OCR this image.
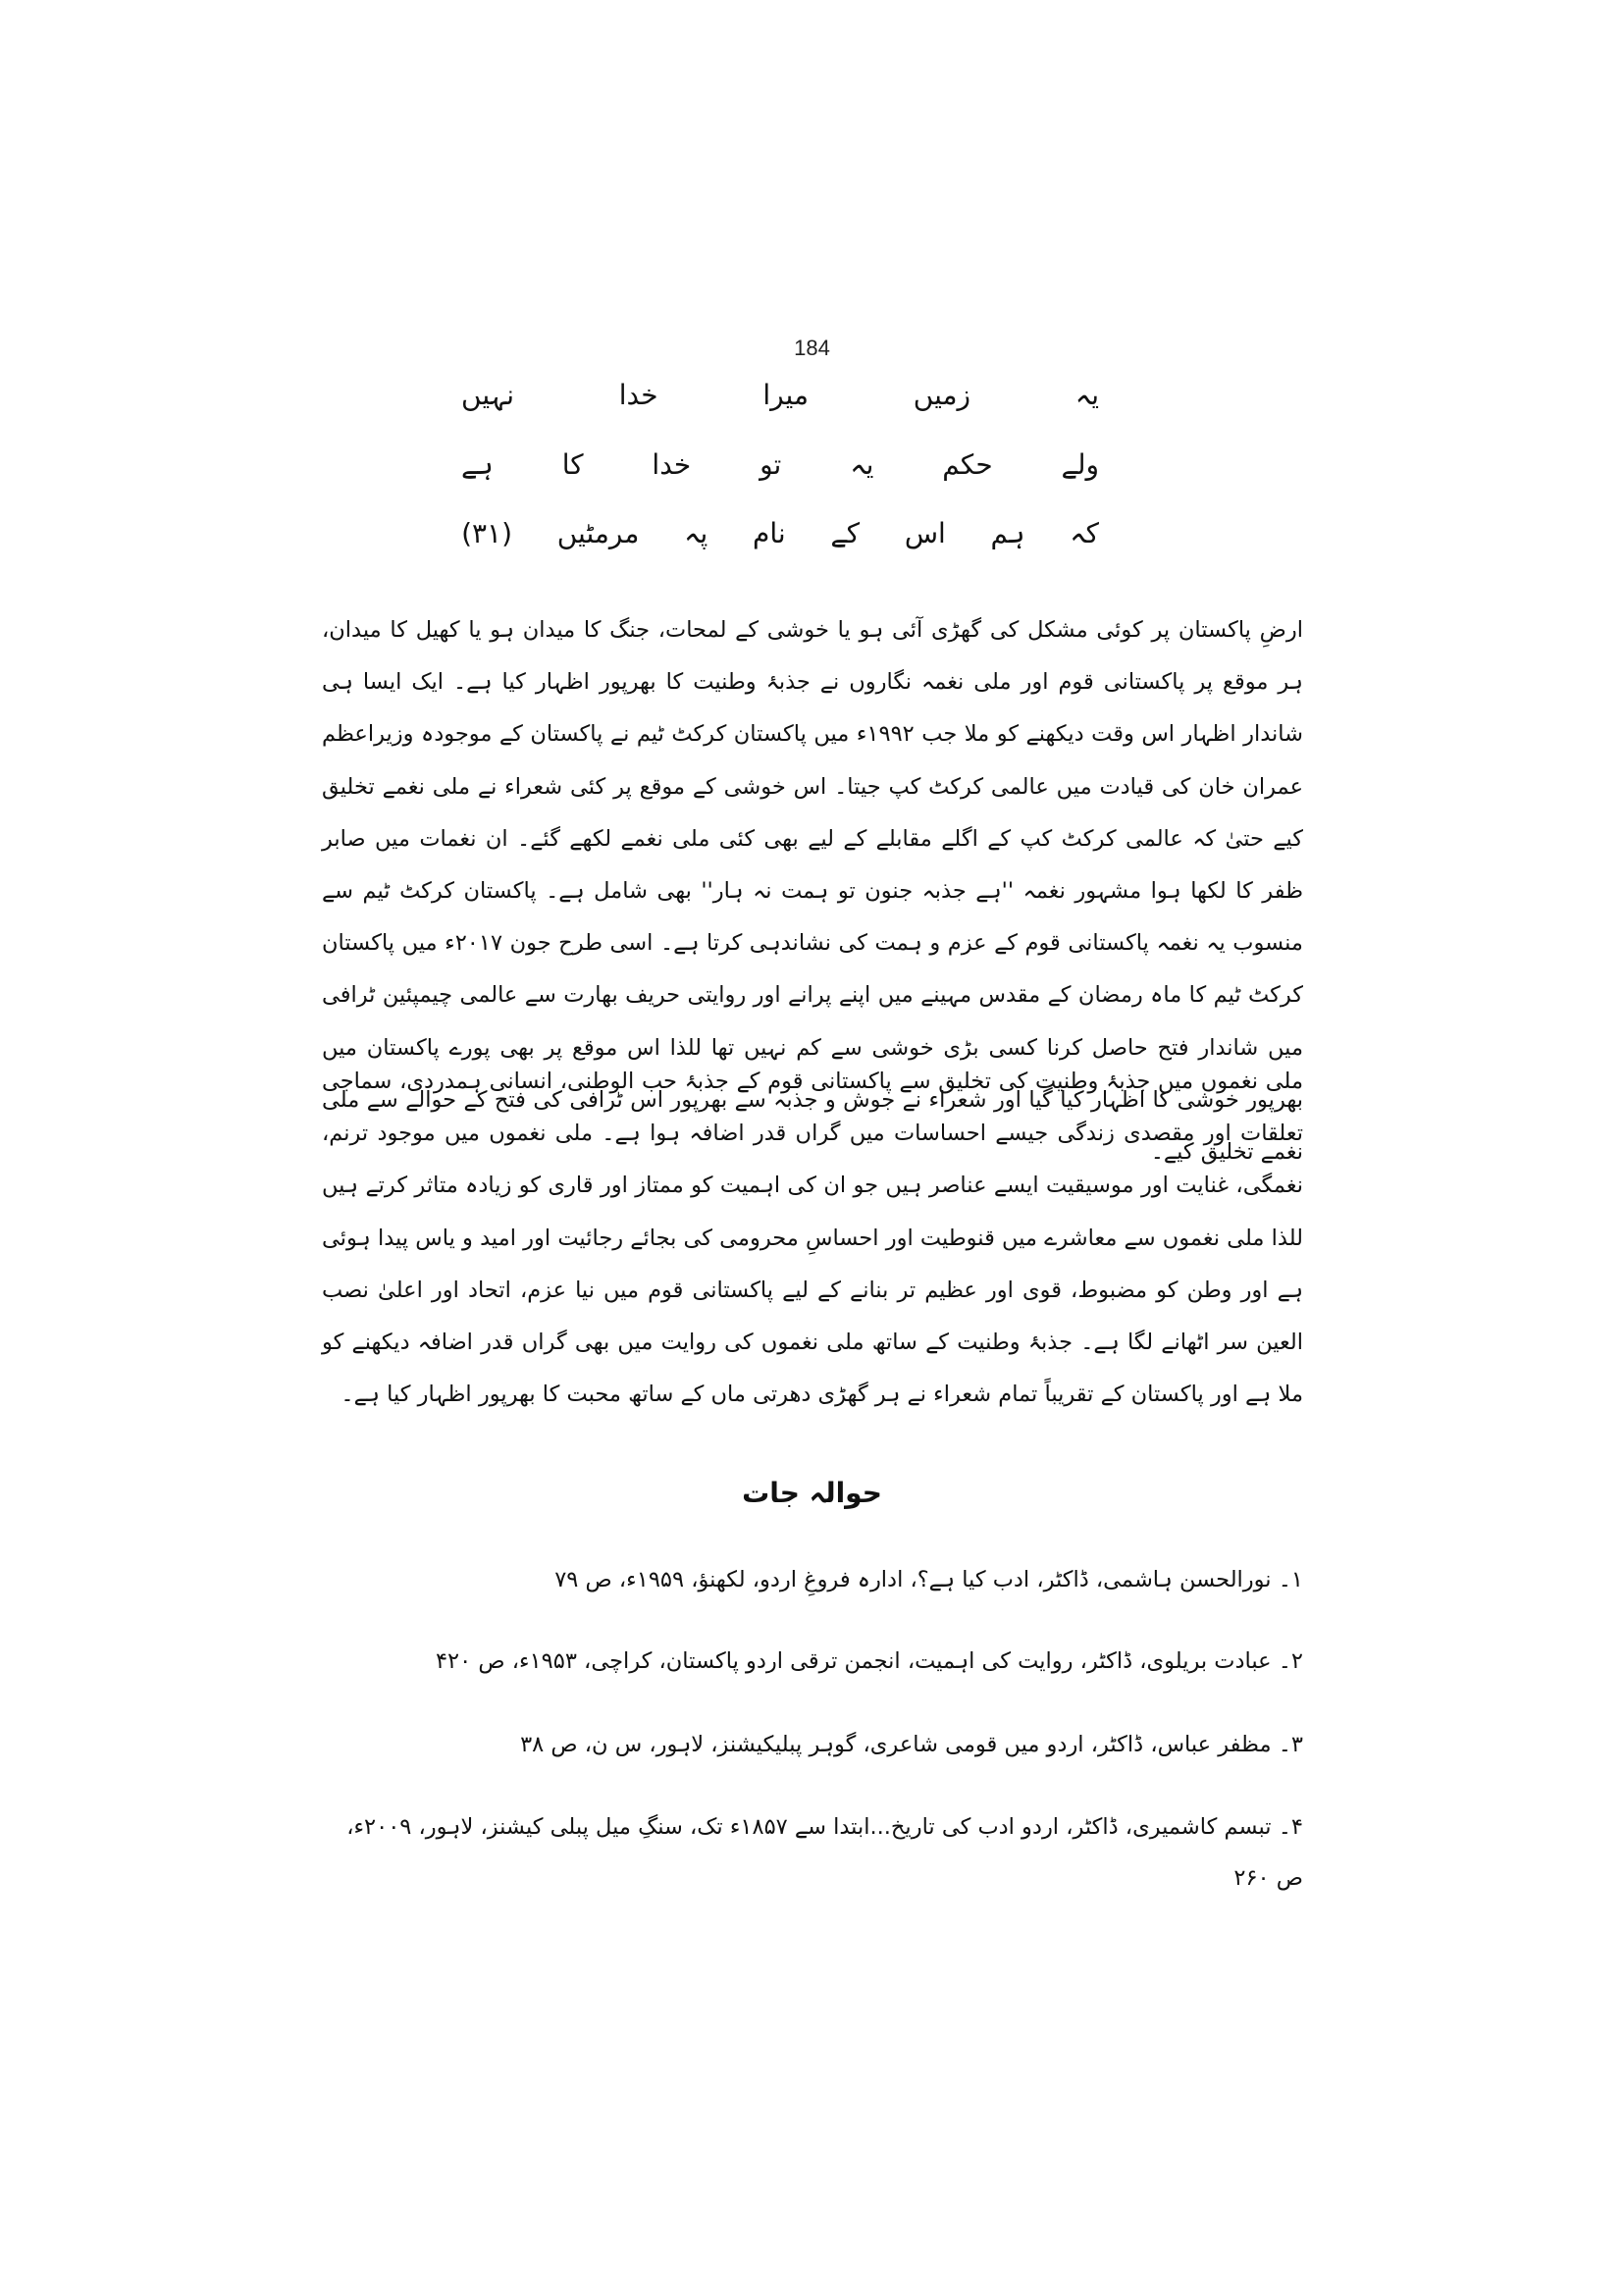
184
یہ
زمیں
میرا
خدا
نہیں
ولے
حکم
یہ
تو
خدا
کا
ہے
کہ
ہم
اس
کے
نام
پہ
مرمٹیں
(۳۱)

ارضِ پاکستان پر کوئی مشکل کی گھڑی آئی ہو یا خوشی کے لمحات، جنگ کا میدان ہو یا کھیل کا میدان، ہر موقع پر پاکستانی قوم اور ملی نغمہ نگاروں نے جذبۂ وطنیت کا بھرپور اظہار کیا ہے۔ ایک ایسا ہی شاندار اظہار اس وقت دیکھنے کو ملا جب ۱۹۹۲ء میں پاکستان کرکٹ ٹیم نے پاکستان کے موجودہ وزیراعظم عمران خان کی قیادت میں عالمی کرکٹ کپ جیتا۔ اس خوشی کے موقع پر کئی شعراء نے ملی نغمے تخلیق کیے حتیٰ کہ عالمی کرکٹ کپ کے اگلے مقابلے کے لیے بھی کئی ملی نغمے لکھے گئے۔ ان نغمات میں صابر ظفر کا لکھا ہوا مشہور نغمہ ''ہے جذبہ جنون تو ہمت نہ ہار'' بھی شامل ہے۔ پاکستان کرکٹ ٹیم سے منسوب یہ نغمہ پاکستانی قوم کے عزم و ہمت کی نشاندہی کرتا ہے۔ اسی طرح جون ۲۰۱۷ء میں پاکستان کرکٹ ٹیم کا ماہ رمضان کے مقدس مہینے میں اپنے پرانے اور روایتی حریف بھارت سے عالمی چیمپئین ٹرافی میں شاندار فتح حاصل کرنا کسی بڑی خوشی سے کم نہیں تھا للذا اس موقع پر بھی پورے پاکستان میں بھرپور خوشی کا اظہار کیا گیا اور شعراء نے جوش و جذبہ سے بھرپور اس ٹرافی کی فتح کے حوالے سے ملی نغمے تخلیق کیے۔

ملی نغموں میں جذبۂ وطنیت کی تخلیق سے پاکستانی قوم کے جذبۂ حب الوطنی، انسانی ہمدردی، سماجی تعلقات اور مقصدی زندگی جیسے احساسات میں گراں قدر اضافہ ہوا ہے۔ ملی نغموں میں موجود ترنم، نغمگی، غنایت اور موسیقیت ایسے عناصر ہیں جو ان کی اہمیت کو ممتاز اور قاری کو زیادہ متاثر کرتے ہیں للذا ملی نغموں سے معاشرے میں قنوطیت اور احساسِ محرومی کی بجائے رجائیت اور امید و یاس پیدا ہوئی ہے اور وطن کو مضبوط، قوی اور عظیم تر بنانے کے لیے پاکستانی قوم میں نیا عزم، اتحاد اور اعلیٰ نصب العین سر اٹھانے لگا ہے۔ جذبۂ وطنیت کے ساتھ ملی نغموں کی روایت میں بھی گراں قدر اضافہ دیکھنے کو ملا ہے اور پاکستان کے تقریباً تمام شعراء نے ہر گھڑی دھرتی ماں کے ساتھ محبت کا بھرپور اظہار کیا ہے۔

حوالہ جات

۱۔ نورالحسن ہاشمی، ڈاکٹر، ادب کیا ہے؟، ادارہ فروغِ اردو، لکھنؤ، ۱۹۵۹ء، ص ۷۹

۲۔ عبادت بریلوی، ڈاکٹر، روایت کی اہمیت، انجمن ترقی اردو پاکستان، کراچی، ۱۹۵۳ء، ص ۴۲۰

۳۔ مظفر عباس، ڈاکٹر، اردو میں قومی شاعری، گوہر پبلیکیشنز، لاہور، س ن، ص ۳۸

۴۔ تبسم کاشمیری، ڈاکٹر، اردو ادب کی تاریخ...ابتدا سے ۱۸۵۷ء تک، سنگِ میل پبلی کیشنز، لاہور، ۲۰۰۹ء، ص ۲۶۰
